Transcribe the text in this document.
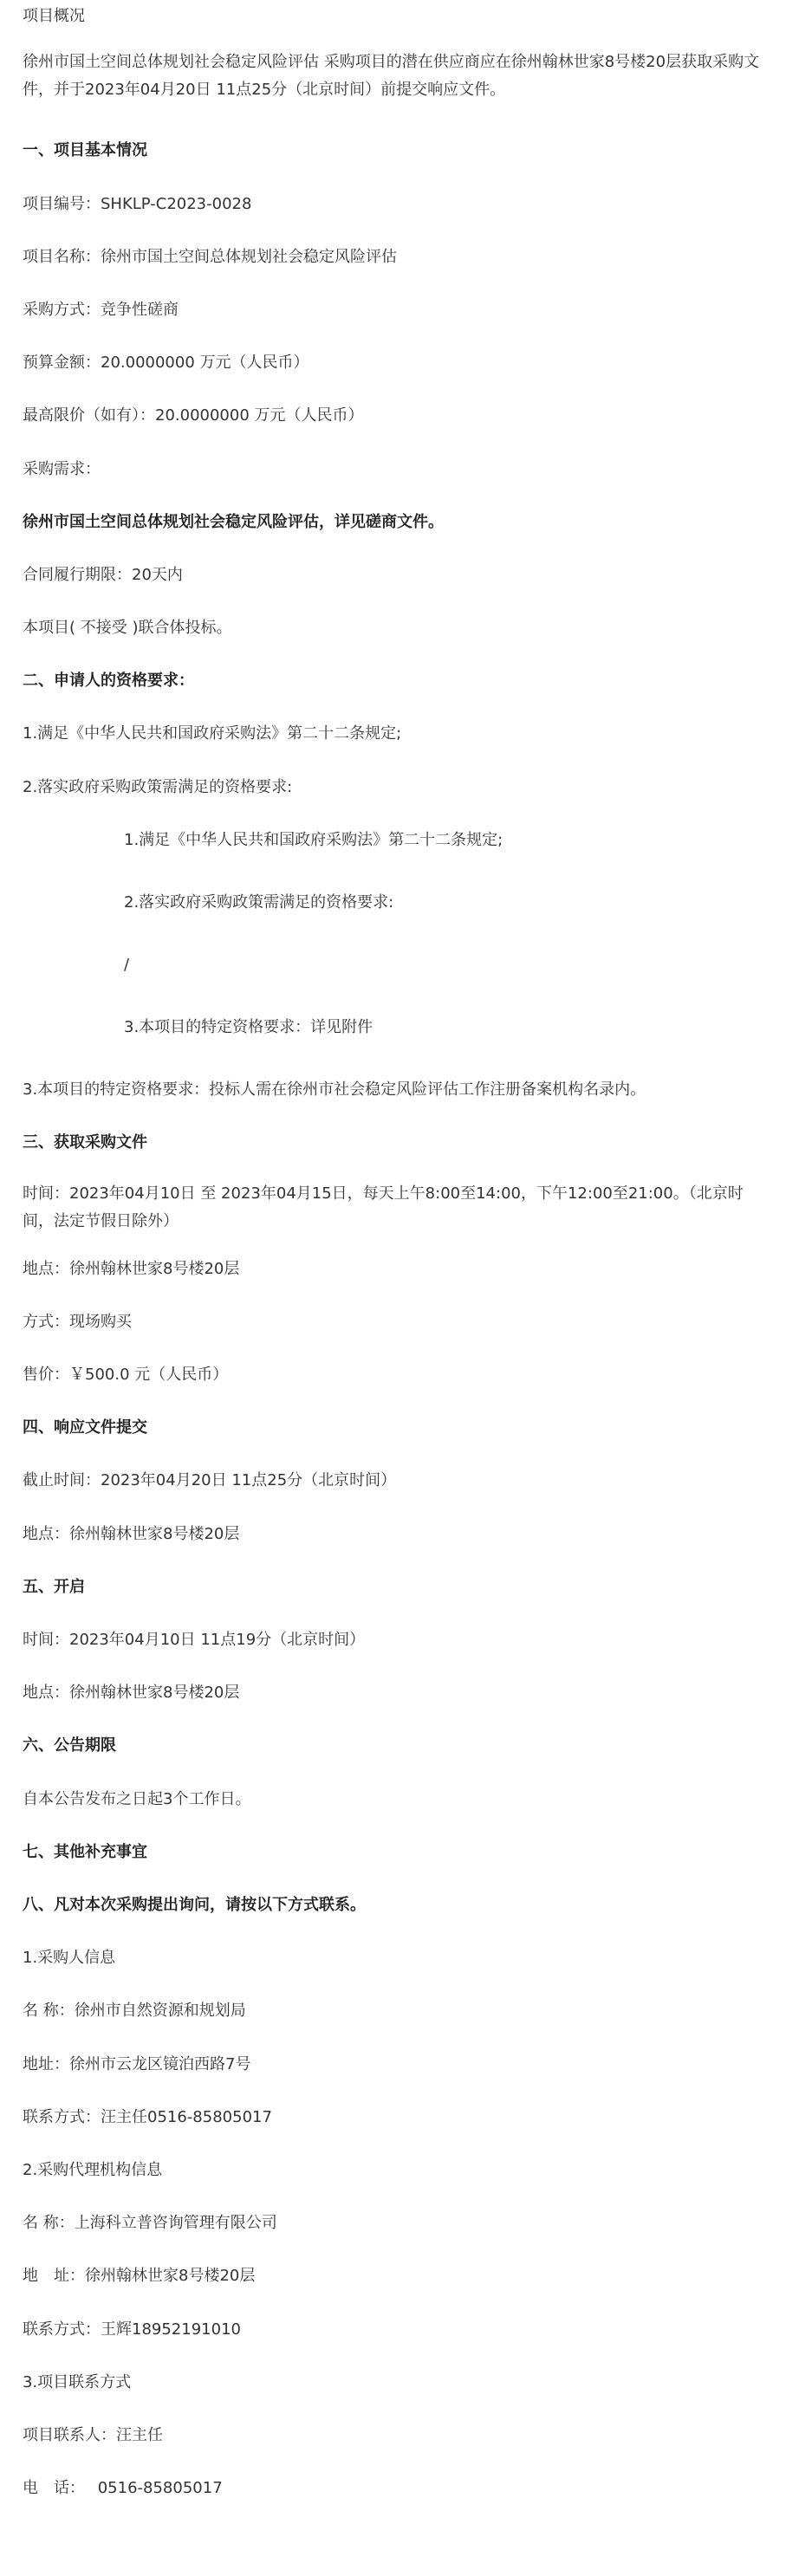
项目概况

徐州市国土空间总体规划社会稳定风险评估 采购项目的潜在供应商应在徐州翰林世家8号楼20层获取采购文件，并于2023年04月20日 11点25分（北京时间）前提交响应文件。

一、项目基本情况

项目编号：SHKLP-C2023-0028

项目名称：徐州市国土空间总体规划社会稳定风险评估

采购方式：竞争性磋商

预算金额：20.0000000 万元（人民币）

最高限价（如有）：20.0000000 万元（人民币）

采购需求：

徐州市国土空间总体规划社会稳定风险评估，详见磋商文件。

合同履行期限：20天内

本项目( 不接受 )联合体投标。

二、申请人的资格要求：

1.满足《中华人民共和国政府采购法》第二十二条规定;

2.落实政府采购政策需满足的资格要求:

1.满足《中华人民共和国政府采购法》第二十二条规定;

2.落实政府采购政策需满足的资格要求:

/

3.本项目的特定资格要求：详见附件

3.本项目的特定资格要求：投标人需在徐州市社会稳定风险评估工作注册备案机构名录内。

三、获取采购文件

时间：2023年04月10日 至 2023年04月15日，每天上午8:00至14:00，下午12:00至21:00。（北京时间，法定节假日除外）

地点：徐州翰林世家8号楼20层

方式：现场购买

售价：￥500.0 元（人民币）

四、响应文件提交

截止时间：2023年04月20日 11点25分（北京时间）

地点：徐州翰林世家8号楼20层

五、开启

时间：2023年04月10日 11点19分（北京时间）

地点：徐州翰林世家8号楼20层

六、公告期限

自本公告发布之日起3个工作日。

七、其他补充事宜

八、凡对本次采购提出询问，请按以下方式联系。

1.采购人信息

名 称：徐州市自然资源和规划局

地址：徐州市云龙区镜泊西路7号

联系方式：汪主任0516-85805017

2.采购代理机构信息

名 称：上海科立普咨询管理有限公司

地　址：徐州翰林世家8号楼20层

联系方式：王辉18952191010

3.项目联系方式

项目联系人：汪主任

电　话：　 0516-85805017
